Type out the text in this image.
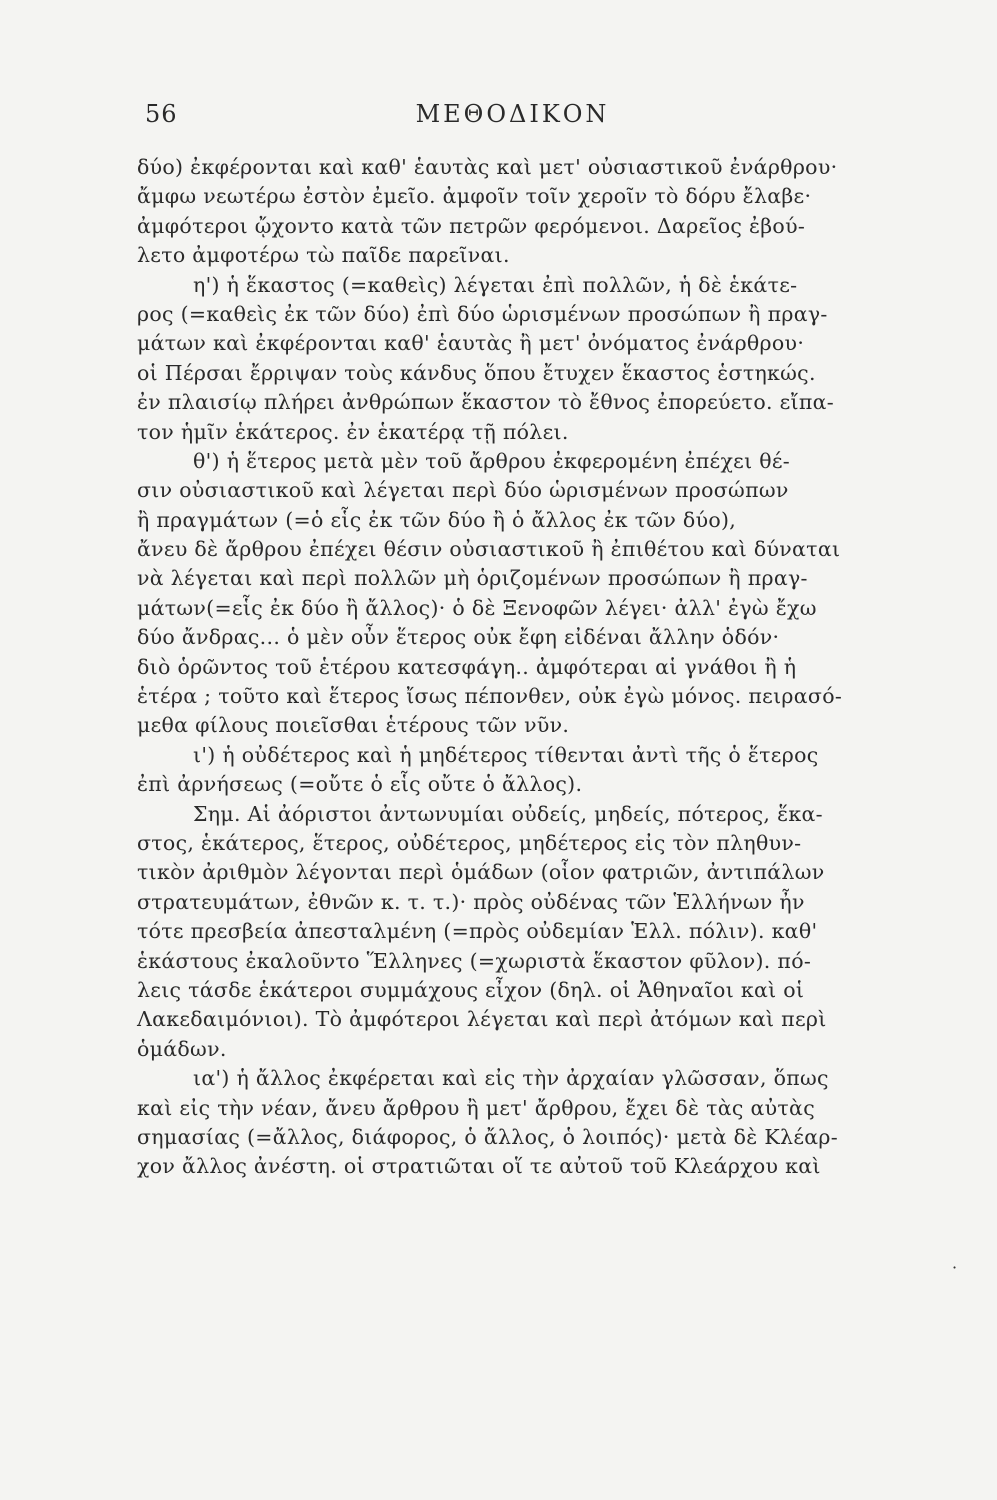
56	ΜΕΘΟΔΙΚΟΝ
δύο) ἐκφέρονται καὶ καθ' ἑαυτὰς καὶ μετ' οὐσιαστικοῦ ἐνάρθρου·
ἄμφω νεωτέρω ἐστὸν ἐμεῖο. ἀμφοῖν τοῖν χεροῖν τὸ δόρυ ἔλαβε·
ἀμφότεροι ᾤχοντο κατὰ τῶν πετρῶν φερόμενοι. Δαρεῖος ἐβού-
λετο ἀμφοτέρω τὼ παῖδε παρεῖναι.
η') ἡ ἕκαστος (=καθεὶς) λέγεται ἐπὶ πολλῶν, ἡ δὲ ἑκάτε-
ρος (=καθεὶς ἐκ τῶν δύο) ἐπὶ δύο ὡρισμένων προσώπων ἢ πραγ-
μάτων καὶ ἐκφέρονται καθ' ἑαυτὰς ἢ μετ' ὀνόματος ἐνάρθρου·
οἱ Πέρσαι ἔρριψαν τοὺς κάνδυς ὅπου ἔτυχεν ἕκαστος ἑστηκώς.
ἐν πλαισίῳ πλήρει ἀνθρώπων ἕκαστον τὸ ἔθνος ἐπορεύετο. εἴπα-
τον ἡμῖν ἑκάτερος. ἐν ἑκατέρᾳ τῇ πόλει.
θ') ἡ ἕτερος μετὰ μὲν τοῦ ἄρθρου ἐκφερομένη ἐπέχει θέ-
σιν οὐσιαστικοῦ καὶ λέγεται περὶ δύο ὡρισμένων προσώπων
ἢ πραγμάτων (=ὁ εἷς ἐκ τῶν δύο ἢ ὁ ἄλλος ἐκ τῶν δύο),
ἄνευ δὲ ἄρθρου ἐπέχει θέσιν οὐσιαστικοῦ ἢ ἐπιθέτου καὶ δύναται
νὰ λέγεται καὶ περὶ πολλῶν μὴ ὁριζομένων προσώπων ἢ πραγ-
μάτων(=εἷς ἐκ δύο ἢ ἄλλος)· ὁ δὲ Ξενοφῶν λέγει· ἀλλ' ἐγὼ ἔχω
δύο ἄνδρας... ὁ μὲν οὖν ἕτερος οὐκ ἔφη εἰδέναι ἄλλην ὁδόν·
διὸ ὁρῶντος τοῦ ἑτέρου κατεσφάγη.. ἀμφότεραι αἱ γνάθοι ἢ ἡ
ἑτέρα ; τοῦτο καὶ ἕτερος ἴσως πέπονθεν, οὐκ ἐγὼ μόνος. πειρασό-
μεθα φίλους ποιεῖσθαι ἑτέρους τῶν νῦν.
ι') ἡ οὐδέτερος καὶ ἡ μηδέτερος τίθενται ἀντὶ τῆς ὁ ἕτερος
ἐπὶ ἀρνήσεως (=οὔτε ὁ εἷς οὔτε ὁ ἄλλος).
Σημ. Αἱ ἀόριστοι ἀντωνυμίαι οὐδείς, μηδείς, πότερος, ἕκα-
στος, ἑκάτερος, ἕτερος, οὐδέτερος, μηδέτερος εἰς τὸν πληθυν-
τικὸν ἀριθμὸν λέγονται περὶ ὁμάδων (οἷον φατριῶν, ἀντιπάλων
στρατευμάτων, ἐθνῶν κ. τ. τ.)· πρὸς οὐδένας τῶν Ἑλλήνων ἦν
τότε πρεσβεία ἀπεσταλμένη (=πρὸς οὐδεμίαν Ἑλλ. πόλιν). καθ'
ἑκάστους ἐκαλοῦντο Ἕλληνες (=χωριστὰ ἕκαστον φῦλον). πό-
λεις τάσδε ἑκάτεροι συμμάχους εἶχον (δηλ. οἱ Ἀθηναῖοι καὶ οἱ
Λακεδαιμόνιοι). Τὸ ἀμφότεροι λέγεται καὶ περὶ ἀτόμων καὶ περὶ
ὁμάδων.
ια') ἡ ἄλλος ἐκφέρεται καὶ εἰς τὴν ἀρχαίαν γλῶσσαν, ὅπως
καὶ εἰς τὴν νέαν, ἄνευ ἄρθρου ἢ μετ' ἄρθρου, ἔχει δὲ τὰς αὐτὰς
σημασίας (=ἄλλος, διάφορος, ὁ ἄλλος, ὁ λοιπός)· μετὰ δὲ Κλέαρ-
χον ἄλλος ἀνέστη. οἱ στρατιῶται οἵ τε αὐτοῦ τοῦ Κλεάρχου καὶ
·
